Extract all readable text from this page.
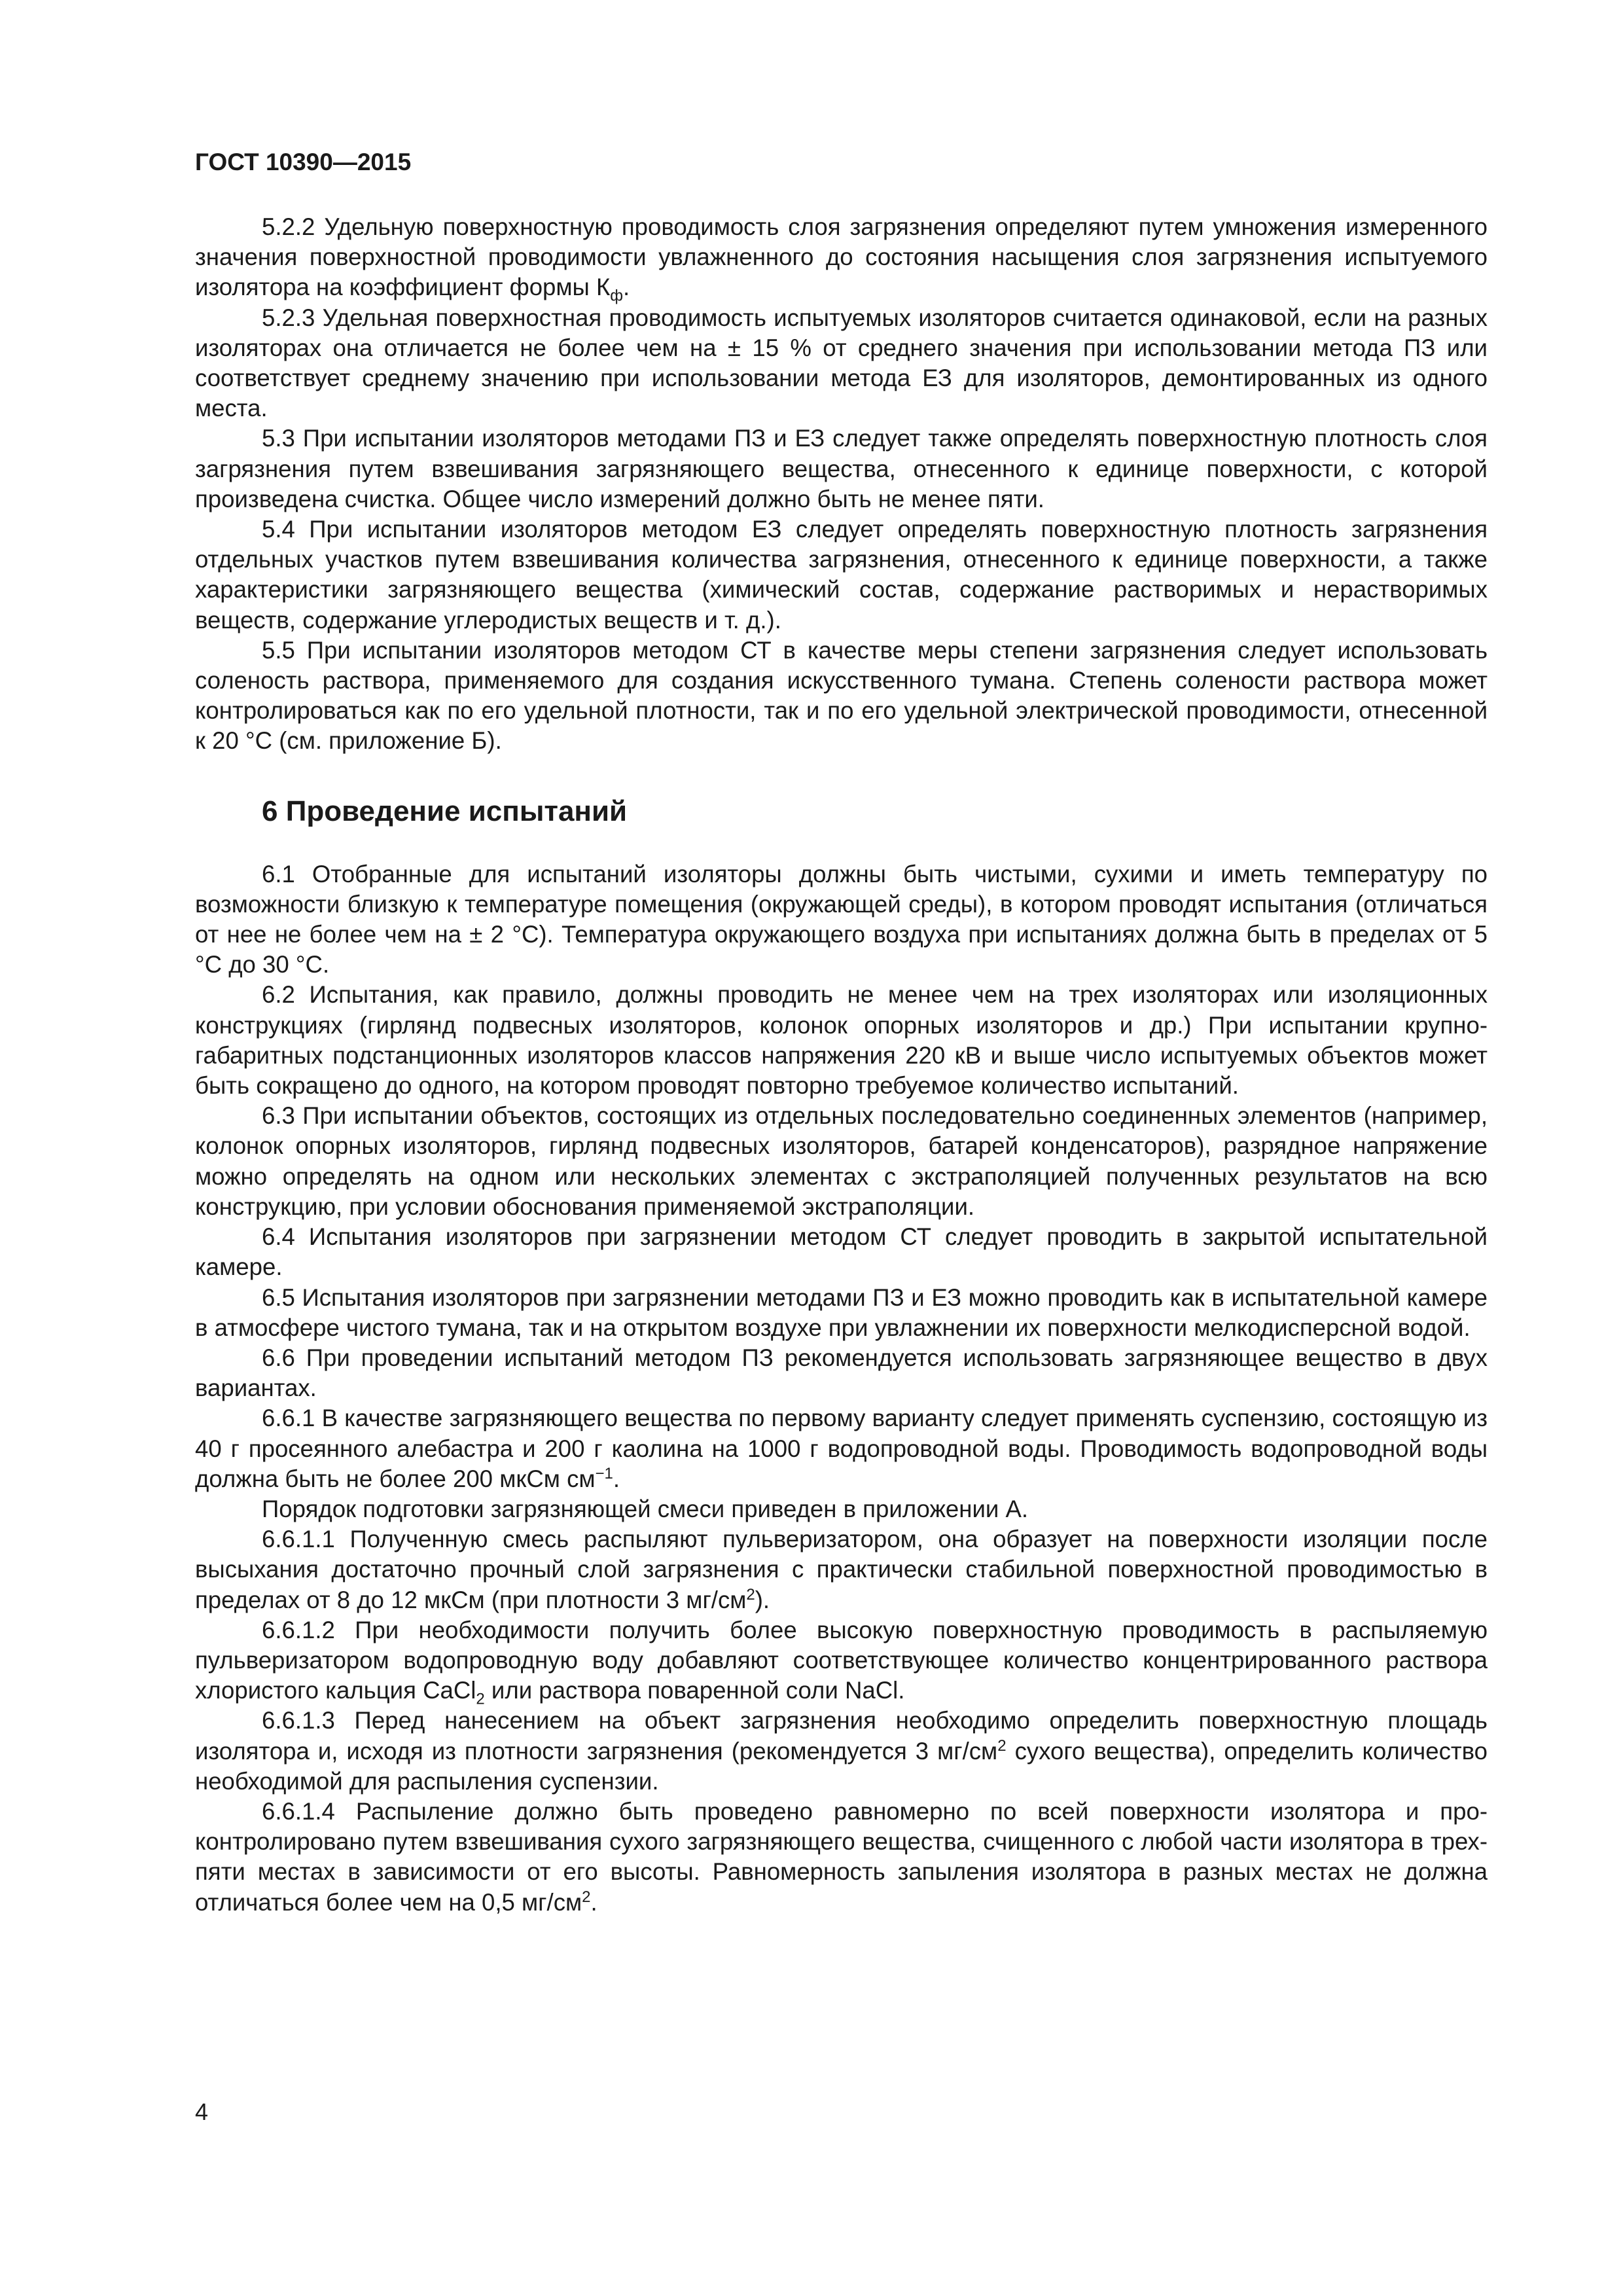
ГОСТ 10390—2015

5.2.2 Удельную поверхностную проводимость слоя загрязнения определяют путем умножения измеренного значения поверхностной проводимости увлажненного до состояния насыщения слоя загрязнения испытуемого изолятора на коэффициент формы $К_ф$.

5.2.3 Удельная поверхностная проводимость испытуемых изоляторов считается одинаковой, если на разных изоляторах она отличается не более чем на ± 15 % от среднего значения при использовании метода ПЗ или соответствует среднему значению при использовании метода ЕЗ для изоляторов, демонтированных из одного места.

5.3 При испытании изоляторов методами ПЗ и ЕЗ следует также определять поверхностную плотность слоя загрязнения путем взвешивания загрязняющего вещества, отнесенного к единице поверхности, с которой произведена счистка. Общее число измерений должно быть не менее пяти.

5.4 При испытании изоляторов методом ЕЗ следует определять поверхностную плотность загрязнения отдельных участков путем взвешивания количества загрязнения, отнесенного к единице поверхности, а также характеристики загрязняющего вещества (химический состав, содержание растворимых и нерастворимых веществ, содержание углеродистых веществ и т. д.).

5.5 При испытании изоляторов методом СТ в качестве меры степени загрязнения следует использовать соленость раствора, применяемого для создания искусственного тумана. Степень солености раствора может контролироваться как по его удельной плотности, так и по его удельной электрической проводимости, отнесенной к 20 °С (см. приложение Б).

6 Проведение испытаний

6.1 Отобранные для испытаний изоляторы должны быть чистыми, сухими и иметь температуру по возможности близкую к температуре помещения (окружающей среды), в котором проводят испытания (отличаться от нее не более чем на ± 2 °С). Температура окружающего воздуха при испытаниях должна быть в пределах от 5 °С до 30 °С.

6.2 Испытания, как правило, должны проводить не менее чем на трех изоляторах или изоляционных конструкциях (гирлянд подвесных изоляторов, колонок опорных изоляторов и др.) При испытании крупногабаритных подстанционных изоляторов классов напряжения 220 кВ и выше число испытуемых объектов может быть сокращено до одного, на котором проводят повторно требуемое количество испытаний.

6.3 При испытании объектов, состоящих из отдельных последовательно соединенных элементов (например, колонок опорных изоляторов, гирлянд подвесных изоляторов, батарей конденсаторов), разрядное напряжение можно определять на одном или нескольких элементах с экстраполяцией полученных результатов на всю конструкцию, при условии обоснования применяемой экстраполяции.

6.4 Испытания изоляторов при загрязнении методом СТ следует проводить в закрытой испытательной камере.

6.5 Испытания изоляторов при загрязнении методами ПЗ и ЕЗ можно проводить как в испытательной камере в атмосфере чистого тумана, так и на открытом воздухе при увлажнении их поверхности мелкодисперсной водой.

6.6 При проведении испытаний методом ПЗ рекомендуется использовать загрязняющее вещество в двух вариантах.

6.6.1 В качестве загрязняющего вещества по первому варианту следует применять суспензию, состоящую из 40 г просеянного алебастра и 200 г каолина на 1000 г водопроводной воды. Проводимость водопроводной воды должна быть не более 200 мкСм $см^{-1}$.

Порядок подготовки загрязняющей смеси приведен в приложении А.

6.6.1.1 Полученную смесь распыляют пульверизатором, она образует на поверхности изоляции после высыхания достаточно прочный слой загрязнения с практически стабильной поверхностной проводимостью в пределах от 8 до 12 мкСм (при плотности 3 $мг/см^2$).

6.6.1.2 При необходимости получить более высокую поверхностную проводимость в распыляемую пульверизатором водопроводную воду добавляют соответствующее количество концентрированного раствора хлористого кальция CaCl$_2$ или раствора поваренной соли NaCl.

6.6.1.3 Перед нанесением на объект загрязнения необходимо определить поверхностную площадь изолятора и, исходя из плотности загрязнения (рекомендуется 3 $мг/см^2$ сухого вещества), определить количество необходимой для распыления суспензии.

6.6.1.4 Распыление должно быть проведено равномерно по всей поверхности изолятора и проконтролировано путем взвешивания сухого загрязняющего вещества, счищенного с любой части изолятора в трех-пяти местах в зависимости от его высоты. Равномерность запыления изолятора в разных местах не должна отличаться более чем на 0,5 $мг/см^2$.

4
